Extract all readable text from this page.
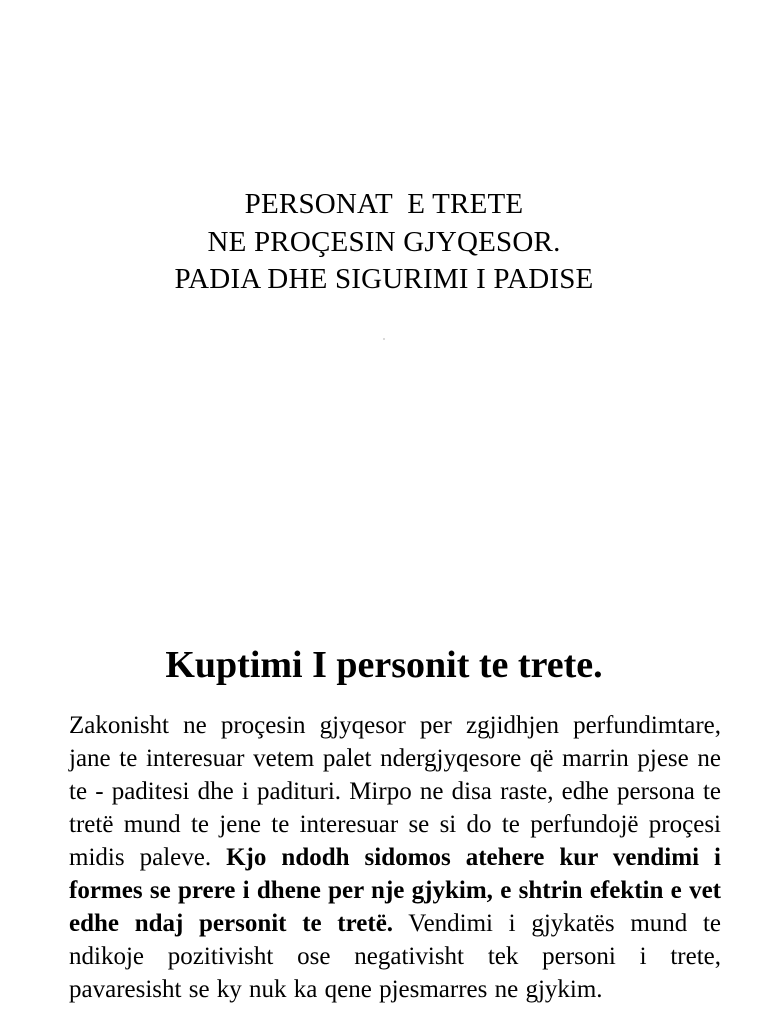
PERSONAT  E TRETE
NE PROÇESIN GJYQESOR.
PADIA DHE SIGURIMI I PADISE
Kuptimi I personit te trete.

Zakonisht ne proçesin gjyqesor per zgjidhjen perfundimtare, jane te interesuar vetem palet ndergjyqesore që marrin pjese ne te - paditesi dhe i padituri. Mirpo ne disa raste, edhe persona te tretë mund te jene te interesuar se si do te perfundojë proçesi midis paleve. Kjo ndodh sidomos atehere kur vendimi i formes se prere i dhene per nje gjykim, e shtrin efektin e vet edhe ndaj personit te tretë. Vendimi i gjykatës mund te ndikoje pozitivisht ose negativisht tek personi i trete, pavaresisht se ky nuk ka qene pjesmarres ne gjykim.
